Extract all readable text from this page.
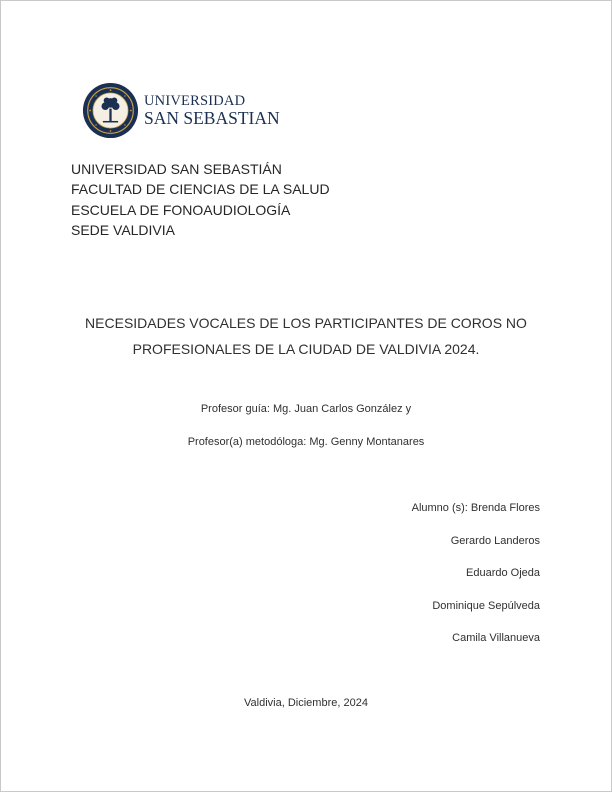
UNIVERSIDAD
SAN SEBASTIAN
UNIVERSIDAD SAN SEBASTIÁN
FACULTAD DE CIENCIAS DE LA SALUD
ESCUELA DE FONOAUDIOLOGÍA
SEDE VALDIVIA
NECESIDADES VOCALES DE LOS PARTICIPANTES DE COROS NO
PROFESIONALES DE LA CIUDAD DE VALDIVIA 2024.
Profesor guía: Mg. Juan Carlos González y
Profesor(a) metodóloga: Mg. Genny Montanares
Alumno (s): Brenda Flores
Gerardo Landeros
Eduardo Ojeda
Dominique Sepúlveda
Camila Villanueva
Valdivia, Diciembre, 2024
